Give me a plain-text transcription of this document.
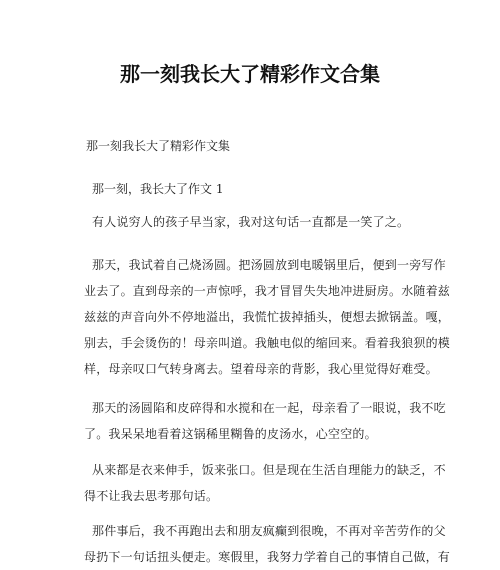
那一刻我长大了精彩作文合集
那一刻我长大了精彩作文集
那一刻，我长大了作文 1
有人说穷人的孩子早当家，我对这句话一直都是一笑了之。
那天，我试着自己烧汤圆。把汤圆放到电暖锅里后，便到一旁写作
业去了。直到母亲的一声惊呼，我才冒冒失失地冲进厨房。水随着兹
兹兹的声音向外不停地溢出，我慌忙拔掉插头，便想去掀锅盖。嘎，
别去，手会烫伤的！母亲叫道。我触电似的缩回来。看着我狼狈的模
样，母亲叹口气转身离去。望着母亲的背影，我心里觉得好难受。
那天的汤圆陷和皮碎得和水搅和在一起，母亲看了一眼说，我不吃
了。我呆呆地看着这锅稀里糊鲁的皮汤水，心空空的。
从来都是衣来伸手，饭来张口。但是现在生活自理能力的缺乏，不
得不让我去思考那句话。
那件事后，我不再跑出去和朋友疯癫到很晚，不再对辛苦劳作的父
母扔下一句话扭头便走。寒假里，我努力学着自己的事情自己做，有
